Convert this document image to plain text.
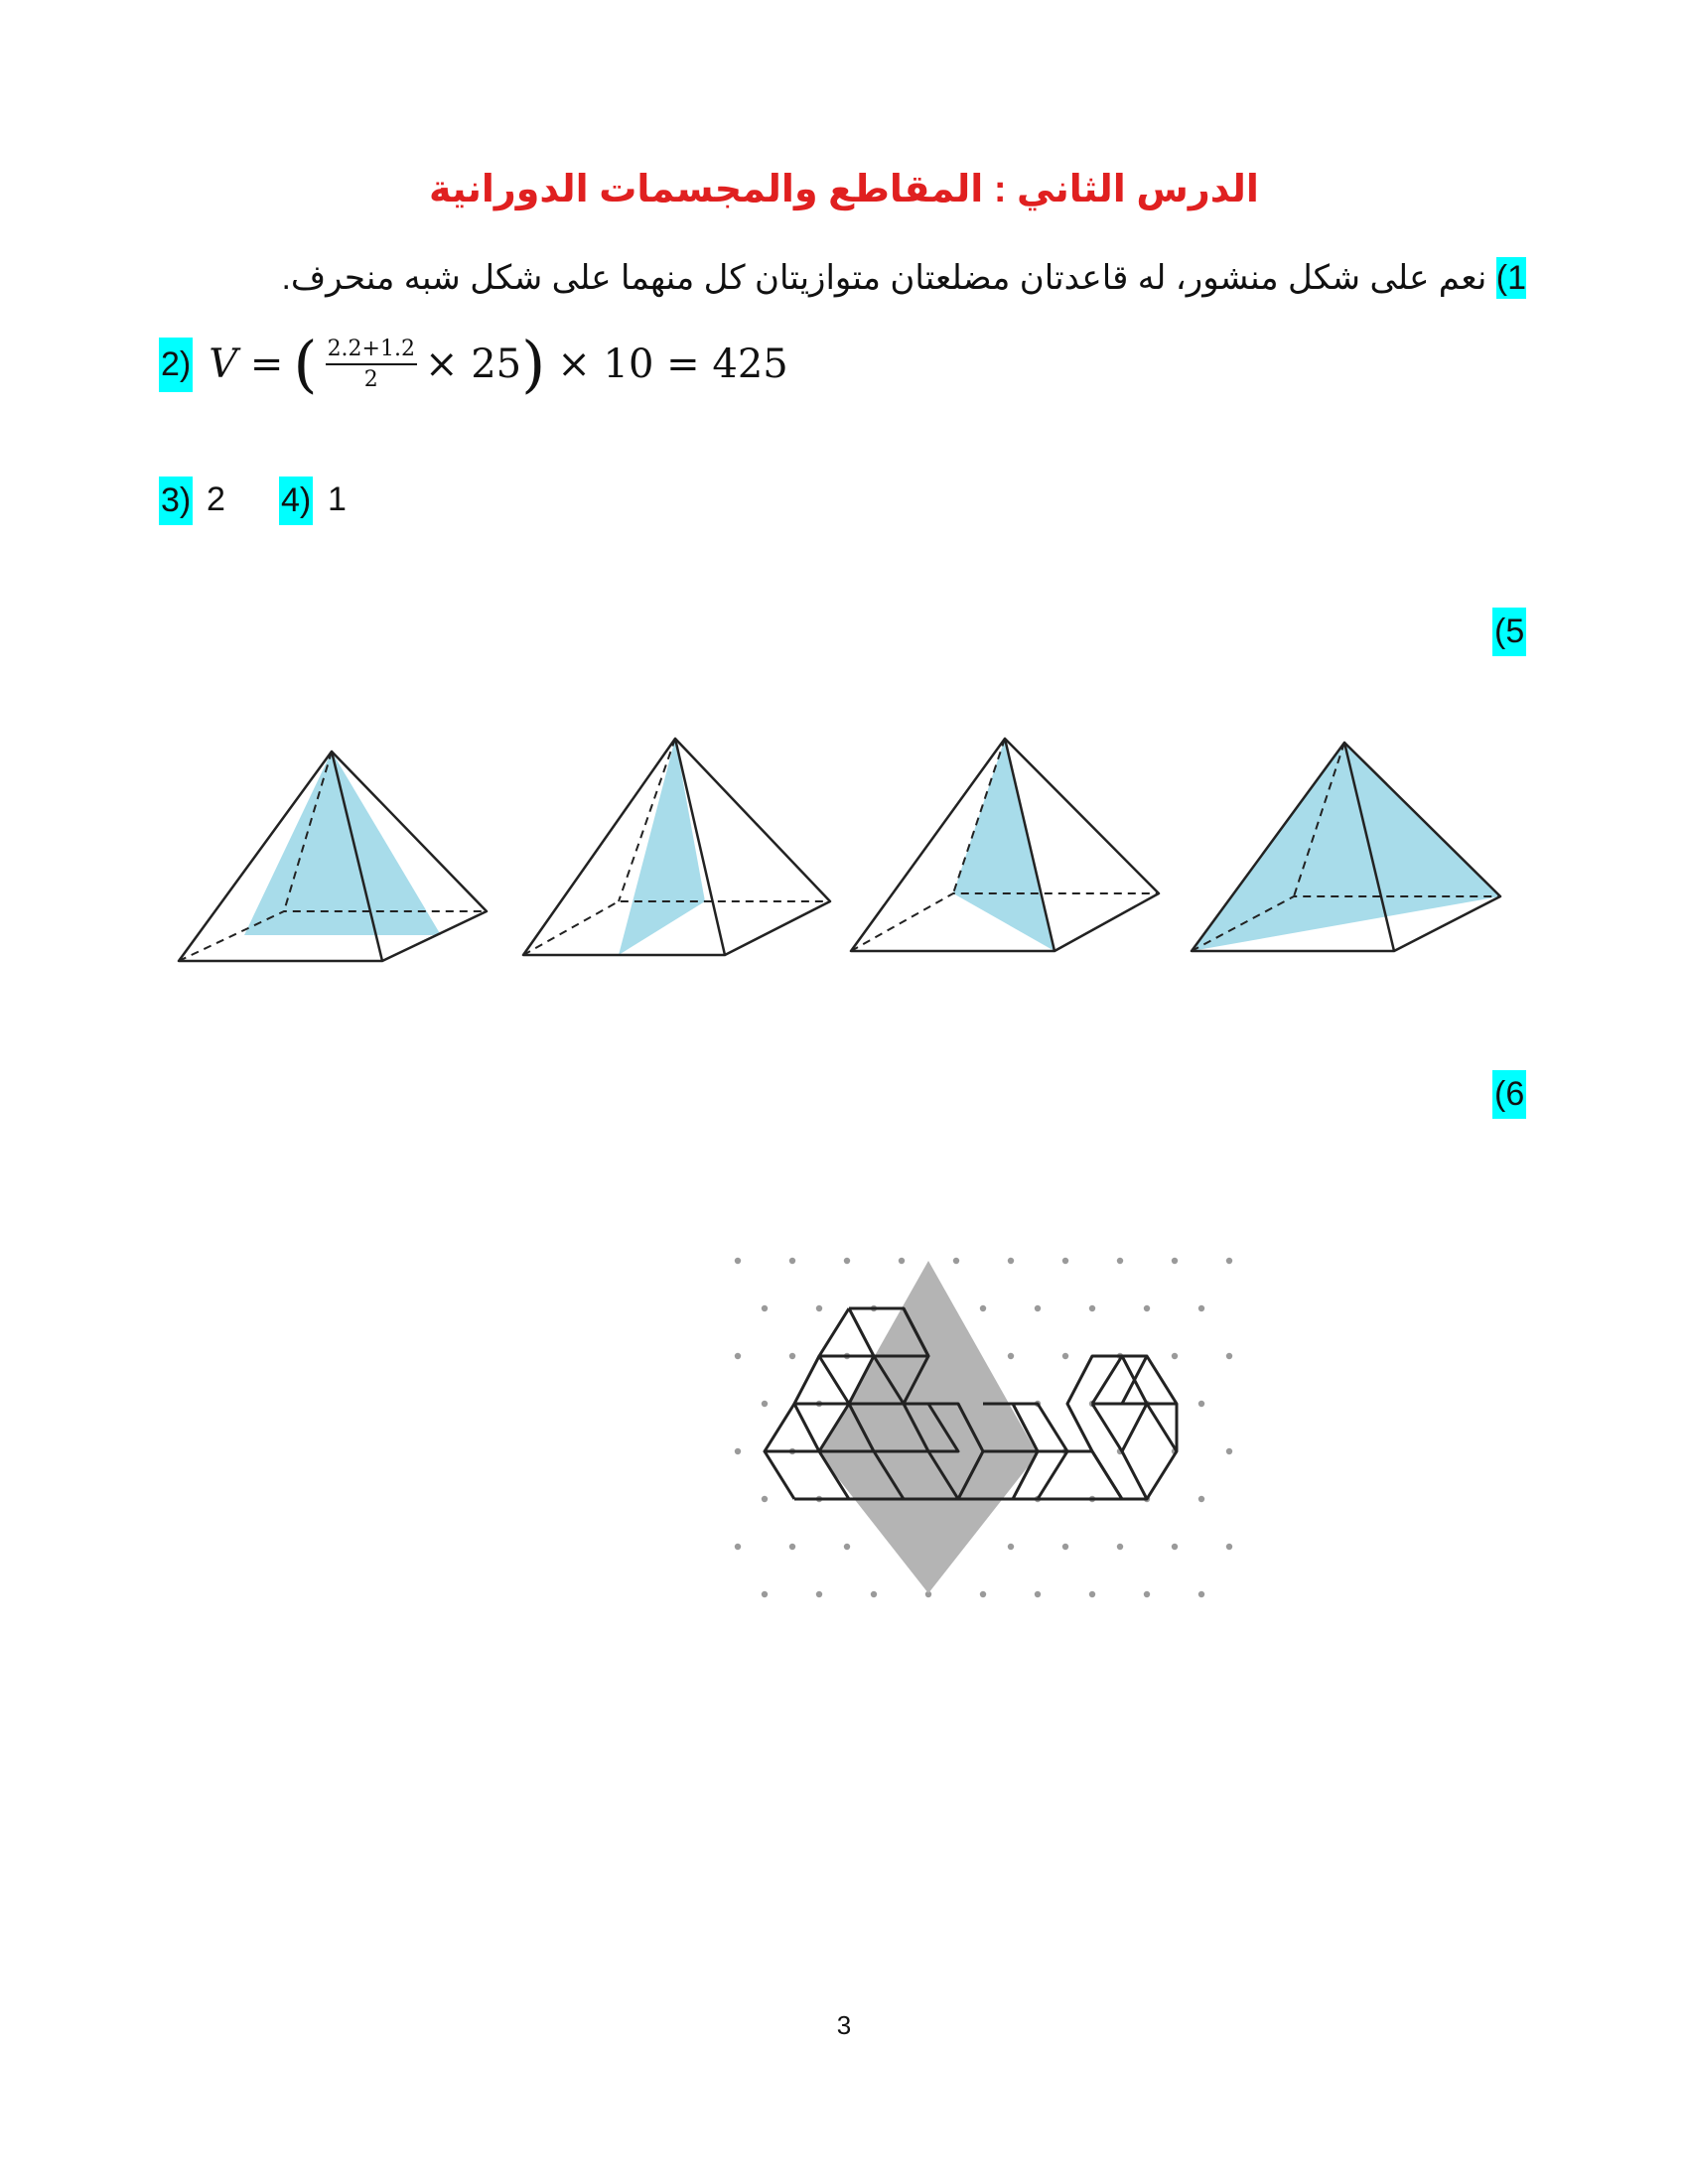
الدرس الثاني : المقاطع والمجسمات الدورانية
1) نعم على شكل منشور، له قاعدتان مضلعتان متوازيتان كل منهما على شكل شبه منحرف.
2) V = ( $\frac{2.2+1.2}{2} \times 25$ ) × 10 = 425
3) 2 4) 1
(5
(6
3
